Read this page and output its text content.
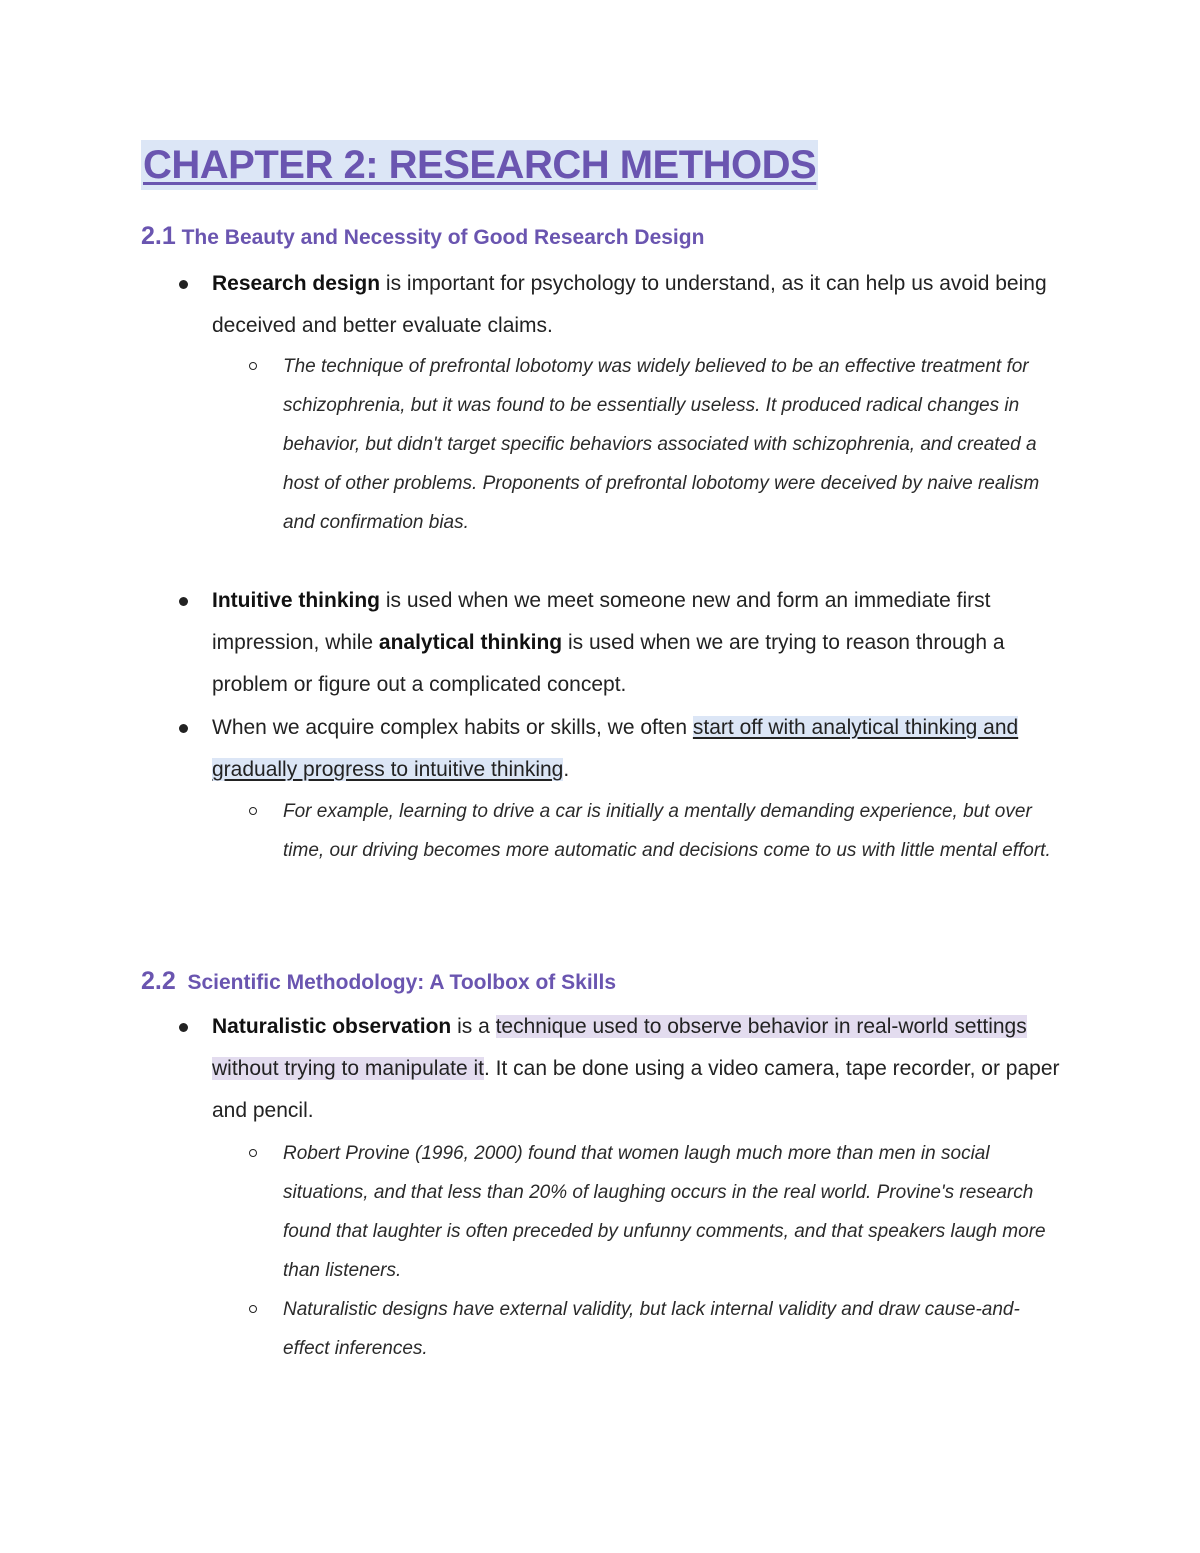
CHAPTER 2: RESEARCH METHODS
2.1 The Beauty and Necessity of Good Research Design

Research design is important for psychology to understand, as it can help us avoid being deceived and better evaluate claims.

The technique of prefrontal lobotomy was widely believed to be an effective treatment for schizophrenia, but it was found to be essentially useless. It produced radical changes in behavior, but didn't target specific behaviors associated with schizophrenia, and created a host of other problems. Proponents of prefrontal lobotomy were deceived by naive realism and confirmation bias.

Intuitive thinking is used when we meet someone new and form an immediate first impression, while analytical thinking is used when we are trying to reason through a problem or figure out a complicated concept.

When we acquire complex habits or skills, we often start off with analytical thinking and gradually progress to intuitive thinking.

For example, learning to drive a car is initially a mentally demanding experience, but over time, our driving becomes more automatic and decisions come to us with little mental effort.

2.2 Scientific Methodology: A Toolbox of Skills

Naturalistic observation is a technique used to observe behavior in real-world settings without trying to manipulate it. It can be done using a video camera, tape recorder, or paper and pencil.

Robert Provine (1996, 2000) found that women laugh much more than men in social situations, and that less than 20% of laughing occurs in the real world. Provine's research found that laughter is often preceded by unfunny comments, and that speakers laugh more than listeners.

Naturalistic designs have external validity, but lack internal validity and draw cause-and-effect inferences.
